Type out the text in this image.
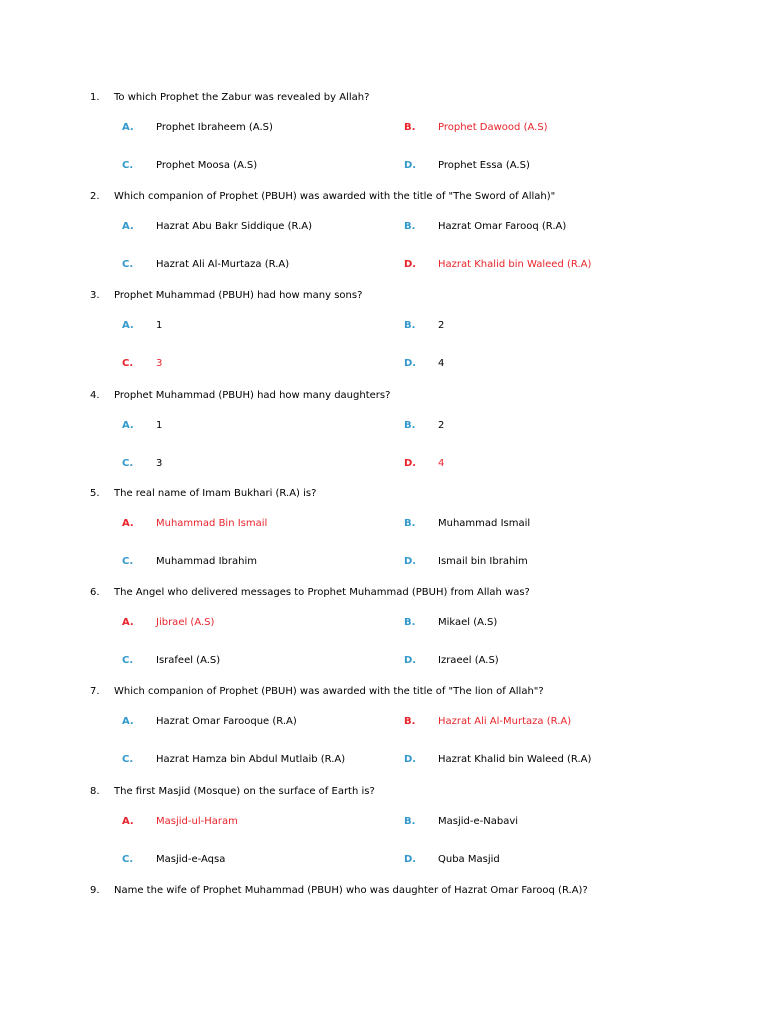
1. To which Prophet the Zabur was revealed by Allah?
A. Prophet Ibraheem (A.S)	B. Prophet Dawood (A.S)
C. Prophet Moosa (A.S)	D. Prophet Essa (A.S)
2. Which companion of Prophet (PBUH) was awarded with the title of "The Sword of Allah)"
A. Hazrat Abu Bakr Siddique (R.A)	B. Hazrat Omar Farooq (R.A)
C. Hazrat Ali Al-Murtaza (R.A)	D. Hazrat Khalid bin Waleed (R.A)
3. Prophet Muhammad (PBUH) had how many sons?
A. 1	B. 2
C. 3	D. 4
4. Prophet Muhammad (PBUH) had how many daughters?
A. 1	B. 2
C. 3	D. 4
5. The real name of Imam Bukhari (R.A) is?
A. Muhammad Bin Ismail	B. Muhammad Ismail
C. Muhammad Ibrahim	D. Ismail bin Ibrahim
6. The Angel who delivered messages to Prophet Muhammad (PBUH) from Allah was?
A. Jibrael (A.S)	B. Mikael (A.S)
C. Israfeel (A.S)	D. Izraeel (A.S)
7. Which companion of Prophet (PBUH) was awarded with the title of "The lion of Allah"?
A. Hazrat Omar Farooque (R.A)	B. Hazrat Ali Al-Murtaza (R.A)
C. Hazrat Hamza bin Abdul Mutlaib (R.A)	D. Hazrat Khalid bin Waleed (R.A)
8. The first Masjid (Mosque) on the surface of Earth is?
A. Masjid-ul-Haram	B. Masjid-e-Nabavi
C. Masjid-e-Aqsa	D. Quba Masjid
9. Name the wife of Prophet Muhammad (PBUH) who was daughter of Hazrat Omar Farooq (R.A)?
